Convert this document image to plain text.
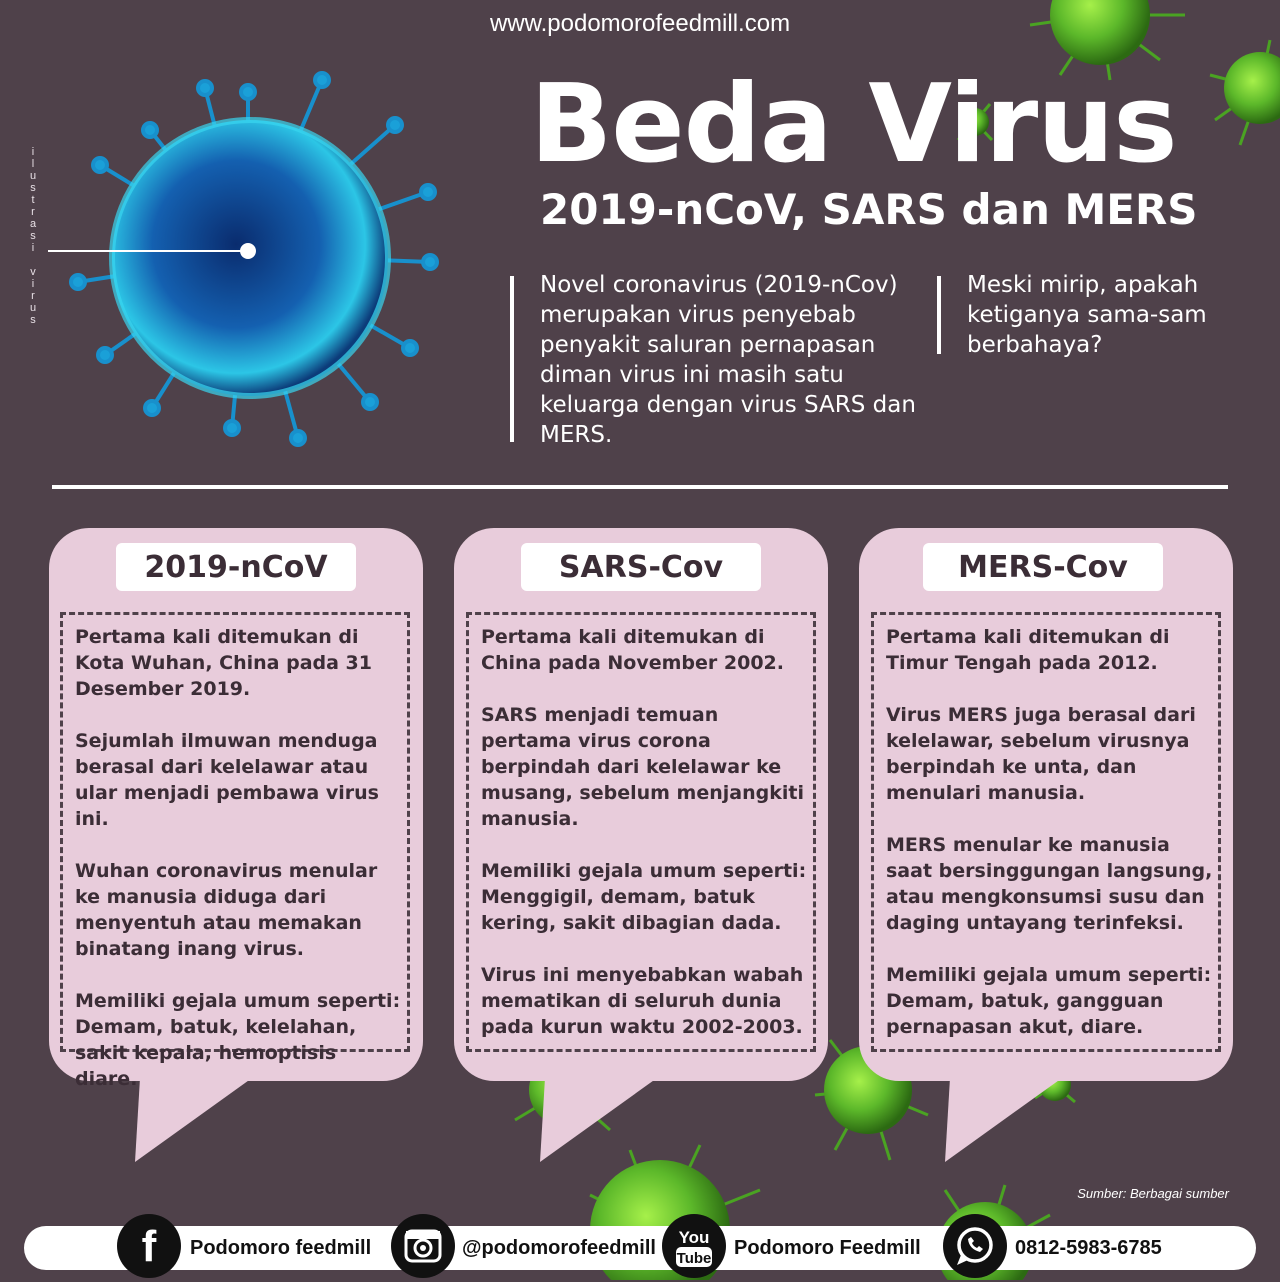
www.podomorofeedmill.com
ilustrasi virus
Beda Virus
2019-nCoV, SARS dan MERS
Novel coronavirus (2019-nCov) merupakan virus penyebab penyakit saluran pernapasan diman virus ini masih satu keluarga dengan virus SARS dan MERS.
Meski mirip, apakah ketiganya sama-sam berbahaya?
2019-nCoV

Pertama kali ditemukan di Kota Wuhan, China pada 31 Desember 2019.

Sejumlah ilmuwan menduga berasal dari kelelawar atau ular menjadi pembawa virus ini.

Wuhan coronavirus menular ke manusia diduga dari menyentuh atau memakan binatang inang virus.

Memiliki gejala umum seperti: Demam, batuk, kelelahan, sakit kepala, hemoptisis diare.

SARS-Cov

Pertama kali ditemukan di China pada November 2002.

SARS menjadi temuan pertama virus corona berpindah dari kelelawar ke musang, sebelum menjangkiti manusia.

Memiliki gejala umum seperti: Menggigil, demam, batuk kering, sakit dibagian dada.

Virus ini menyebabkan wabah mematikan di seluruh dunia pada kurun waktu 2002-2003.

MERS-Cov

Pertama kali ditemukan di Timur Tengah pada 2012.

Virus MERS juga berasal dari kelelawar, sebelum virusnya berpindah ke unta, dan menulari manusia.

MERS menular ke manusia saat bersinggungan langsung, atau mengkonsumsi susu dan daging untayang terinfeksi.

Memiliki gejala umum seperti: Demam, batuk, gangguan pernapasan akut, diare.

Sumber: Berbagai sumber
f Podomoro feedmill	@podomorofeedmill You
Tube Podomoro Feedmill	0812-5983-6785
